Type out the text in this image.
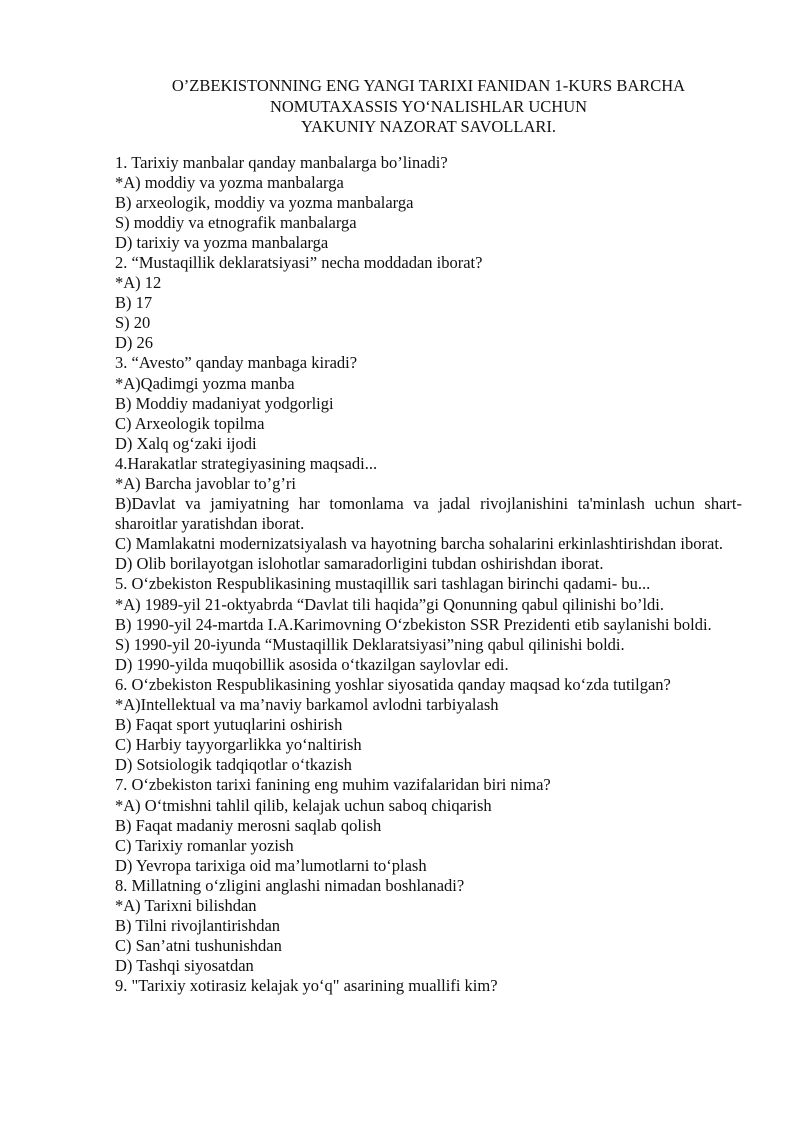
O’ZBEKISTONNING ENG YANGI TARIXI FANIDAN 1-KURS BARCHA
NOMUTAXASSIS YO‘NALISHLAR UCHUN
YAKUNIY NAZORAT SAVOLLARI.

1. Tarixiy manbalar qanday manbalarga bo’linadi?

*A) moddiy va yozma manbalarga

B) arxeologik, moddiy va yozma manbalarga

S) moddiy va etnografik manbalarga

D) tarixiy va yozma manbalarga

2. “Mustaqillik deklaratsiyasi” necha moddadan iborat?

*A) 12

B) 17

S) 20

D) 26

3. “Avesto” qanday manbaga kiradi?

*A)Qadimgi yozma manba

B) Moddiy madaniyat yodgorligi

C) Arxeologik topilma

D) Xalq og‘zaki ijodi

4.Harakatlar strategiyasining maqsadi...

*A) Barcha javoblar to’g’ri

B)Davlat va jamiyatning har tomonlama va jadal rivojlanishini ta'minlash uchun shart-sharoitlar yaratishdan iborat.

C) Mamlakatni modernizatsiyalash va hayotning barcha sohalarini erkinlashtirishdan iborat.

D) Olib borilayotgan islohotlar samaradorligini tubdan oshirishdan iborat.

5. O‘zbekiston Respublikasining mustaqillik sari tashlagan birinchi qadami- bu...

*A) 1989-yil 21-oktyabrda “Davlat tili haqida”gi Qonunning qabul qilinishi bo’ldi.

B) 1990-yil 24-martda I.A.Karimovning O‘zbekiston SSR Prezidenti etib saylanishi boldi.

S) 1990-yil 20-iyunda “Mustaqillik Deklaratsiyasi”ning qabul qilinishi boldi.

D) 1990-yilda muqobillik asosida o‘tkazilgan saylovlar edi.

6. O‘zbekiston Respublikasining yoshlar siyosatida qanday maqsad ko‘zda tutilgan?

*A)Intellektual va ma’naviy barkamol avlodni tarbiyalash

B) Faqat sport yutuqlarini oshirish

C) Harbiy tayyorgarlikka yo‘naltirish

D) Sotsiologik tadqiqotlar o‘tkazish

7. O‘zbekiston tarixi fanining eng muhim vazifalaridan biri nima?

*A) O‘tmishni tahlil qilib, kelajak uchun saboq chiqarish

B) Faqat madaniy merosni saqlab qolish

C) Tarixiy romanlar yozish

D) Yevropa tarixiga oid ma’lumotlarni to‘plash

8. Millatning o‘zligini anglashi nimadan boshlanadi?

*A) Tarixni bilishdan

B) Tilni rivojlantirishdan

C) San’atni tushunishdan

D) Tashqi siyosatdan

9. "Tarixiy xotirasiz kelajak yo‘q" asarining muallifi kim?
